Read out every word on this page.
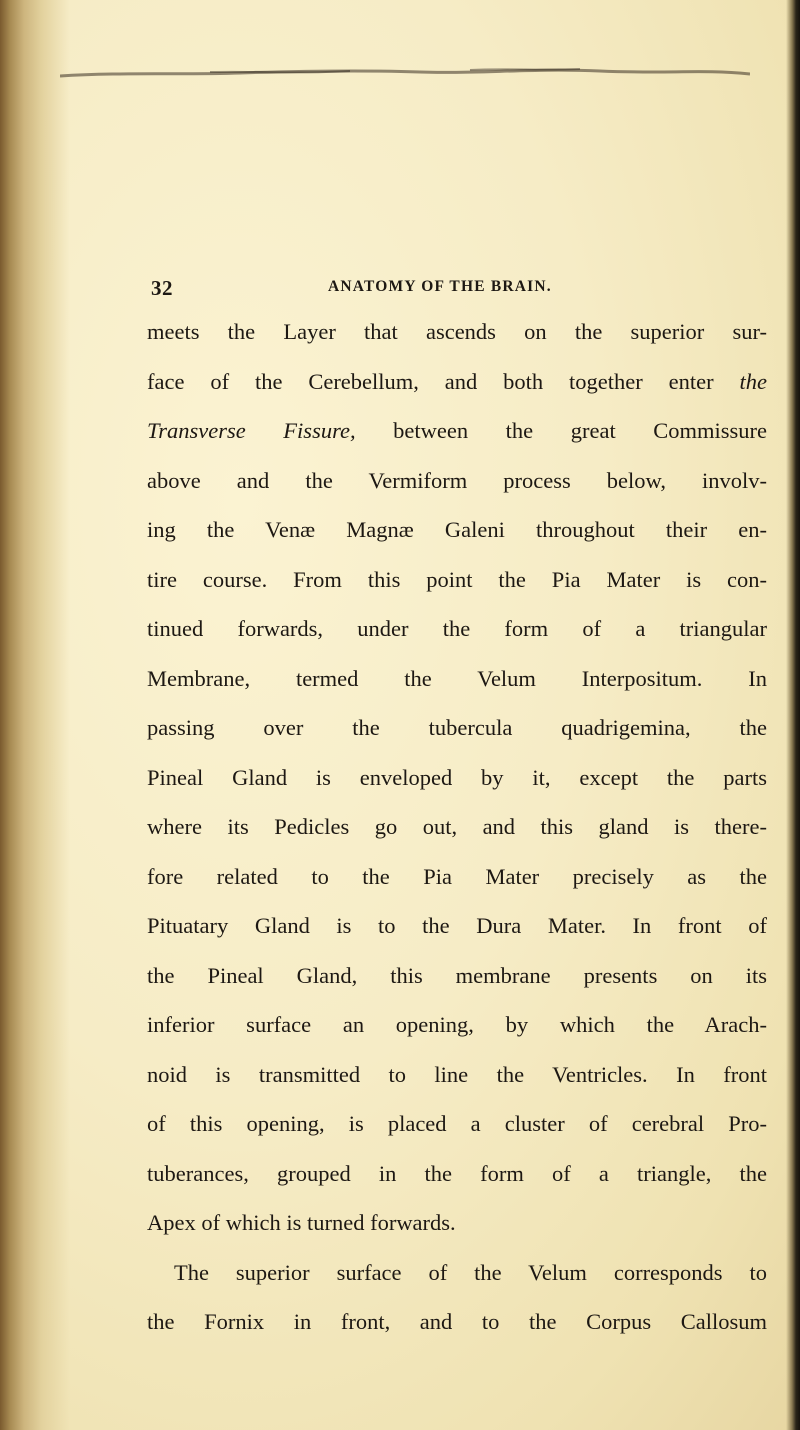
32	ANATOMY OF THE BRAIN.
meets the Layer that ascends on the superior sur-
face of the Cerebellum, and both together enter the
Transverse Fissure, between the great Commissure
above and the Vermiform process below, involv-
ing the Venæ Magnæ Galeni throughout their en-
tire course. From this point the Pia Mater is con-
tinued forwards, under the form of a triangular
Membrane, termed the Velum Interpositum. In
passing over the tubercula quadrigemina, the
Pineal Gland is enveloped by it, except the parts
where its Pedicles go out, and this gland is there-
fore related to the Pia Mater precisely as the
Pituatary Gland is to the Dura Mater. In front of
the Pineal Gland, this membrane presents on its
inferior surface an opening, by which the Arach-
noid is transmitted to line the Ventricles. In front
of this opening, is placed a cluster of cerebral Pro-
tuberances, grouped in the form of a triangle, the
Apex of which is turned forwards.
The superior surface of the Velum corresponds to
the Fornix in front, and to the Corpus Callosum
